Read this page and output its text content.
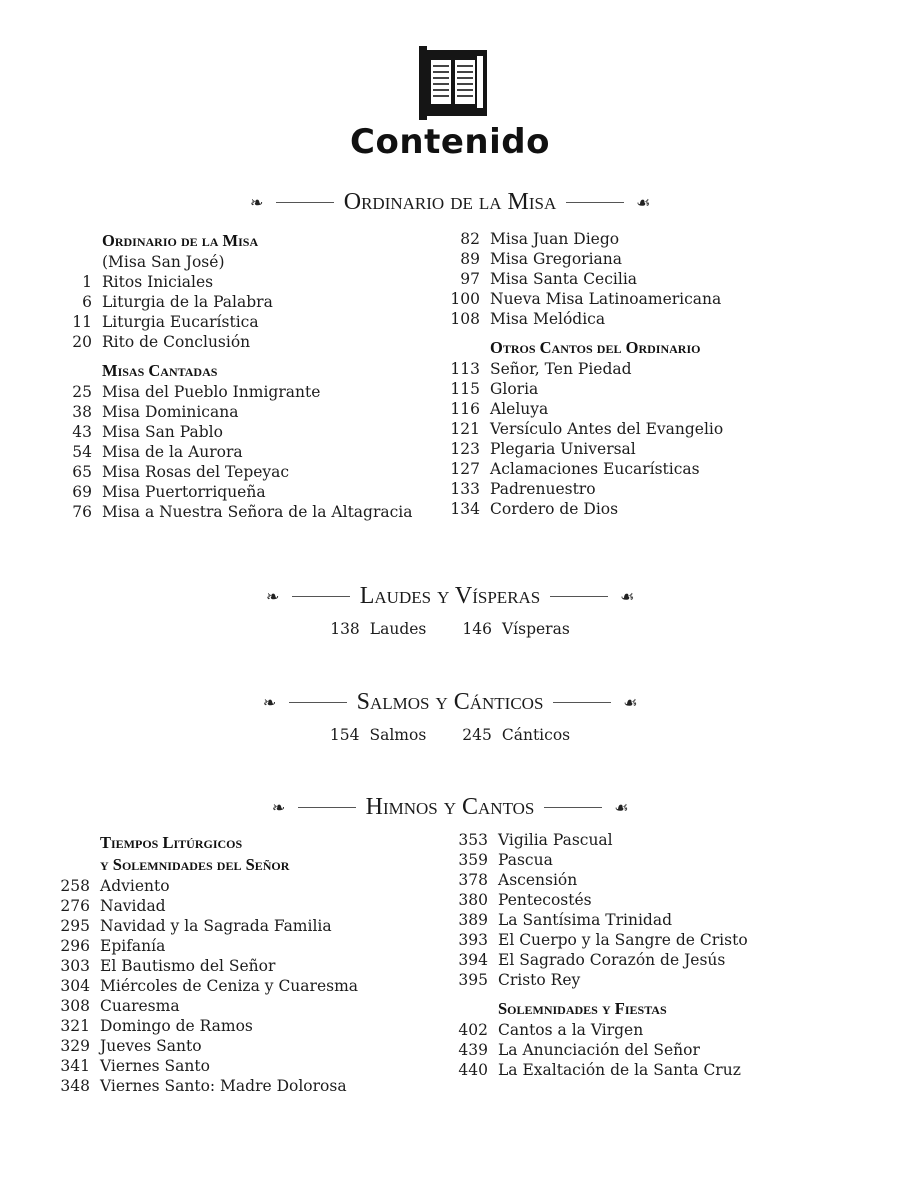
Contenido
❧	Ordinario de la Misa	☙
Ordinario de la Misa
(Misa San José)
1 Ritos Iniciales
6 Liturgia de la Palabra
11 Liturgia Eucarística
20 Rito de Conclusión
Misas Cantadas
25 Misa del Pueblo Inmigrante
38 Misa Dominicana
43 Misa San Pablo
54 Misa de la Aurora
65 Misa Rosas del Tepeyac
69 Misa Puertorriqueña
76 Misa a Nuestra Señora de la Altagracia
82 Misa Juan Diego
89 Misa Gregoriana
97 Misa Santa Cecilia
100 Nueva Misa Latinoamericana
108 Misa Melódica
Otros Cantos del Ordinario
113 Señor, Ten Piedad
115 Gloria
116 Aleluya
121 Versículo Antes del Evangelio
123 Plegaria Universal
127 Aclamaciones Eucarísticas
133 Padrenuestro
134 Cordero de Dios
❧	Laudes y Vísperas	☙
138 Laudes 146 Vísperas
❧	Salmos y Cánticos	☙
154 Salmos 245 Cánticos
❧	Himnos y Cantos	☙
Tiempos Litúrgicos
y Solemnidades del Señor
258 Adviento
276 Navidad
295 Navidad y la Sagrada Familia
296 Epifanía
303 El Bautismo del Señor
304 Miércoles de Ceniza y Cuaresma
308 Cuaresma
321 Domingo de Ramos
329 Jueves Santo
341 Viernes Santo
348 Viernes Santo: Madre Dolorosa
353 Vigilia Pascual
359 Pascua
378 Ascensión
380 Pentecostés
389 La Santísima Trinidad
393 El Cuerpo y la Sangre de Cristo
394 El Sagrado Corazón de Jesús
395 Cristo Rey
Solemnidades y Fiestas
402 Cantos a la Virgen
439 La Anunciación del Señor
440 La Exaltación de la Santa Cruz
